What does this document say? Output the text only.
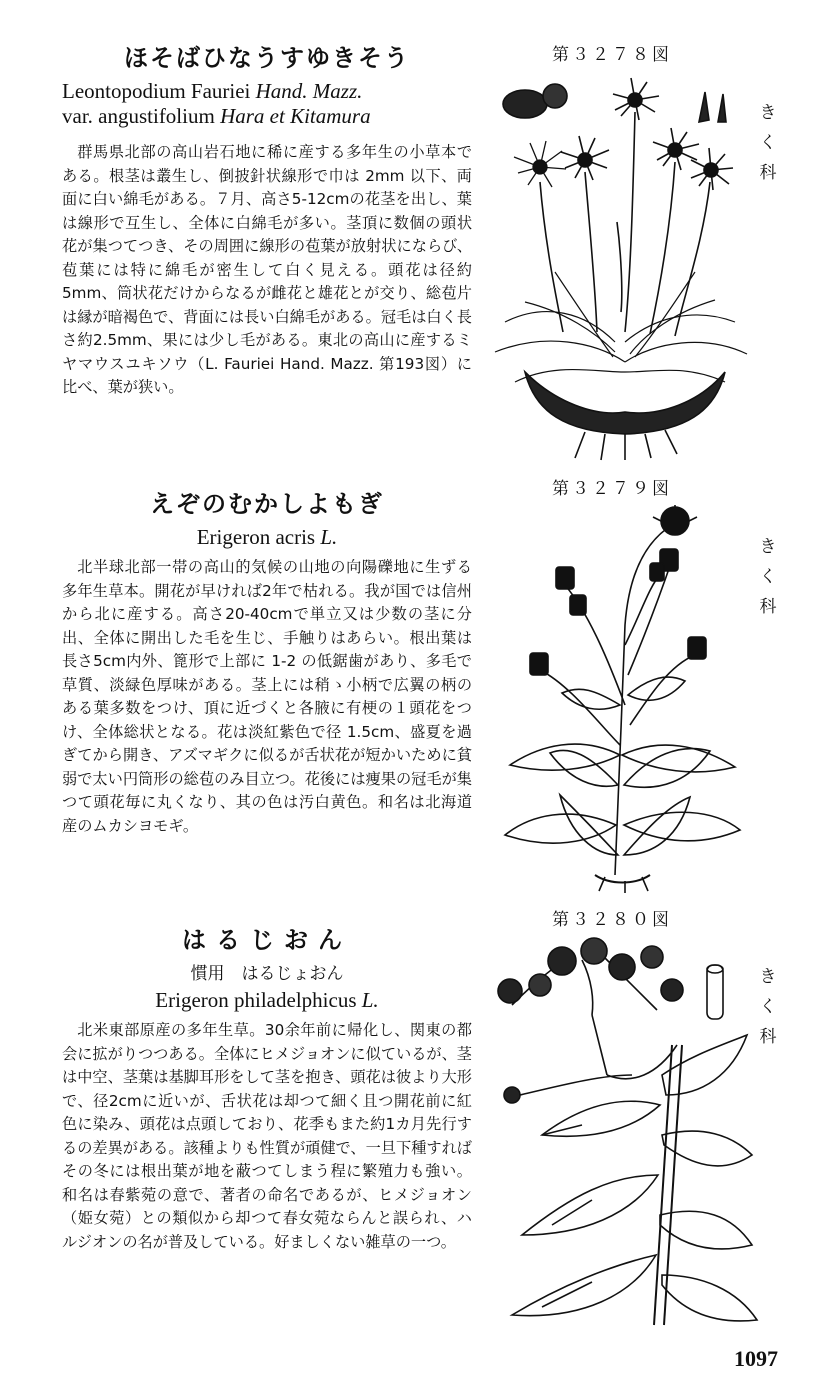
ほそばひなうすゆきそう
Leontopodium Fauriei Hand. Mazz.
var. angustifolium Hara et Kitamura

群馬県北部の高山岩石地に稀に産する多年生の小草本である。根茎は叢生し、倒披針状線形で巾は 2mm 以下、両面に白い綿毛がある。７月、高さ5-12cmの花茎を出し、葉は線形で互生し、全体に白綿毛が多い。茎頂に数個の頭状花が集つてつき、その周囲に線形の苞葉が放射状にならび、苞葉には特に綿毛が密生して白く見える。頭花は径約5mm、筒状花だけからなるが雌花と雄花とが交り、総苞片は縁が暗褐色で、背面には長い白綿毛がある。冠毛は白く長さ約2.5mm、果には少し毛がある。東北の高山に産するミヤマウスユキソウ（L. Fauriei Hand. Mazz. 第193図）に比べ、葉が狭い。

えぞのむかしよもぎ
Erigeron acris L.

北半球北部一帯の高山的気候の山地の向陽礫地に生ずる多年生草本。開花が早ければ2年で枯れる。我が国では信州から北に産する。高さ20-40cmで単立又は少数の茎に分出、全体に開出した毛を生じ、手触りはあらい。根出葉は長さ5cm内外、篦形で上部に 1-2 の低鋸歯があり、多毛で草質、淡緑色厚味がある。茎上には稍ゝ小柄で広翼の柄のある葉多数をつけ、頂に近づくと各腋に有梗の１頭花をつけ、全体総状となる。花は淡紅紫色で径 1.5cm、盛夏を過ぎてから開き、アズマギクに似るが舌状花が短かいために貧弱で太い円筒形の総苞のみ目立つ。花後には痩果の冠毛が集つて頭花毎に丸くなり、其の色は汚白黄色。和名は北海道産のムカシヨモギ。

はるじおん
慣用　はるじょおん
Erigeron philadelphicus L.

北米東部原産の多年生草。30余年前に帰化し、関東の都会に拡がりつつある。全体にヒメジョオンに似ているが、茎は中空、茎葉は基脚耳形をして茎を抱き、頭花は彼より大形で、径2cmに近いが、舌状花は却つて細く且つ開花前に紅色に染み、頭花は点頭しており、花季もまた約1カ月先行するの差異がある。該種よりも性質が頑健で、一旦下種すればその冬には根出葉が地を蔽つてしまう程に繁殖力も強い。和名は春紫菀の意で、著者の命名であるが、ヒメジョオン（姫女菀）との類似から却つて春女菀ならんと誤られ、ハルジオンの名が普及している。好ましくない雑草の一つ。

第３２７８図
きく科
第３２７９図
きく科
第３２８０図
きく科
1097
